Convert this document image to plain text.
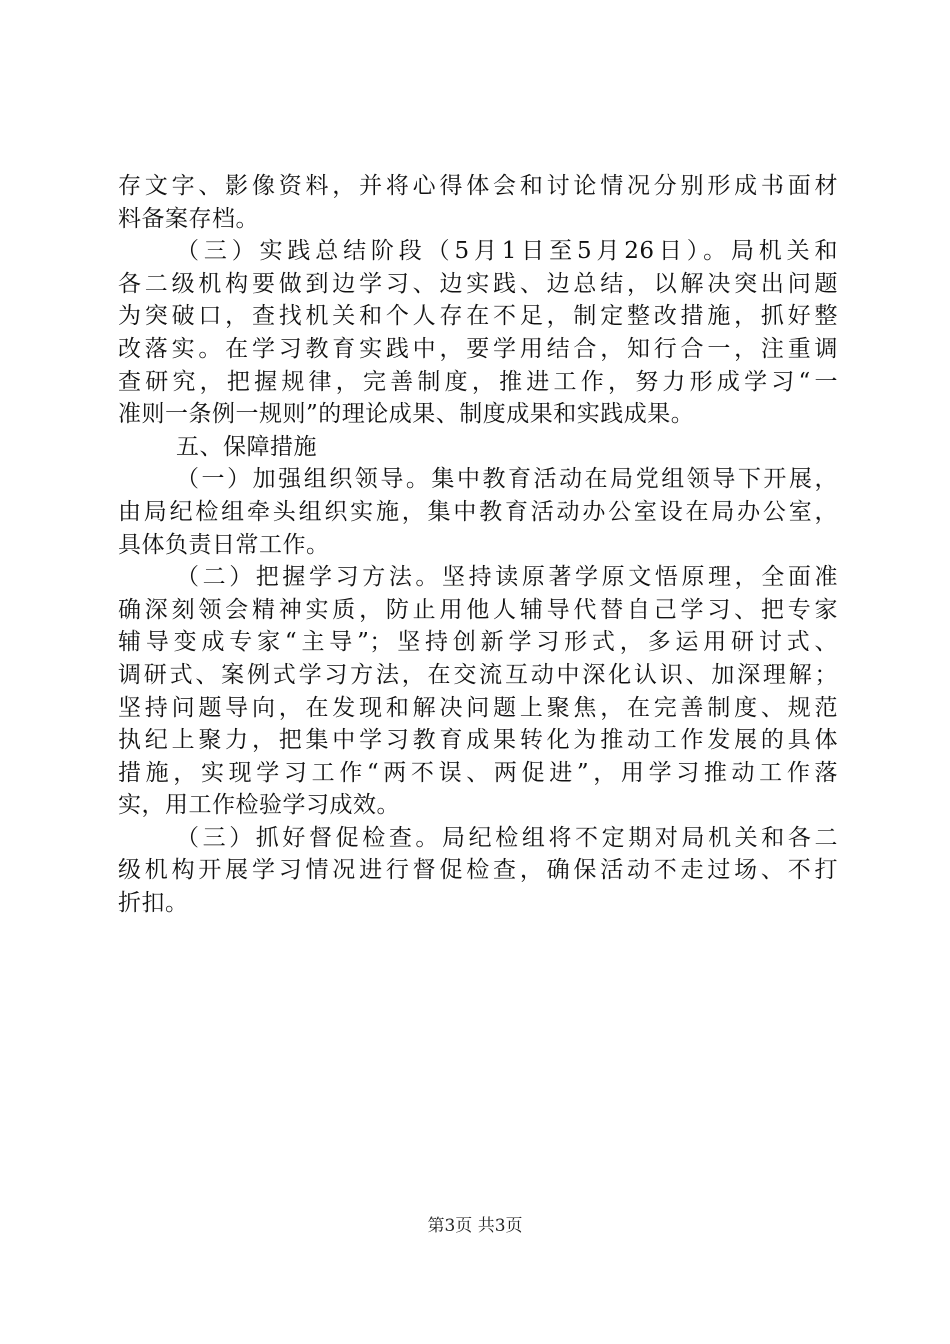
存文字、影像资料，并将心得体会和讨论情况分别形成书面材
料备案存档。
（三）实践总结阶段（5月1日至5月26日）。局机关和
各二级机构要做到边学习、边实践、边总结，以解决突出问题
为突破口，查找机关和个人存在不足，制定整改措施，抓好整
改落实。在学习教育实践中，要学用结合，知行合一，注重调
查研究，把握规律，完善制度，推进工作，努力形成学习“一
准则一条例一规则”的理论成果、制度成果和实践成果。
五、保障措施
（一）加强组织领导。集中教育活动在局党组领导下开展，
由局纪检组牵头组织实施，集中教育活动办公室设在局办公室，
具体负责日常工作。
（二）把握学习方法。坚持读原著学原文悟原理，全面准
确深刻领会精神实质，防止用他人辅导代替自己学习、把专家
辅导变成专家“主导”；坚持创新学习形式，多运用研讨式、
调研式、案例式学习方法，在交流互动中深化认识、加深理解；
坚持问题导向，在发现和解决问题上聚焦，在完善制度、规范
执纪上聚力，把集中学习教育成果转化为推动工作发展的具体
措施，实现学习工作“两不误、两促进”，用学习推动工作落
实，用工作检验学习成效。
（三）抓好督促检查。局纪检组将不定期对局机关和各二
级机构开展学习情况进行督促检查，确保活动不走过场、不打
折扣。
第3页 共3页
